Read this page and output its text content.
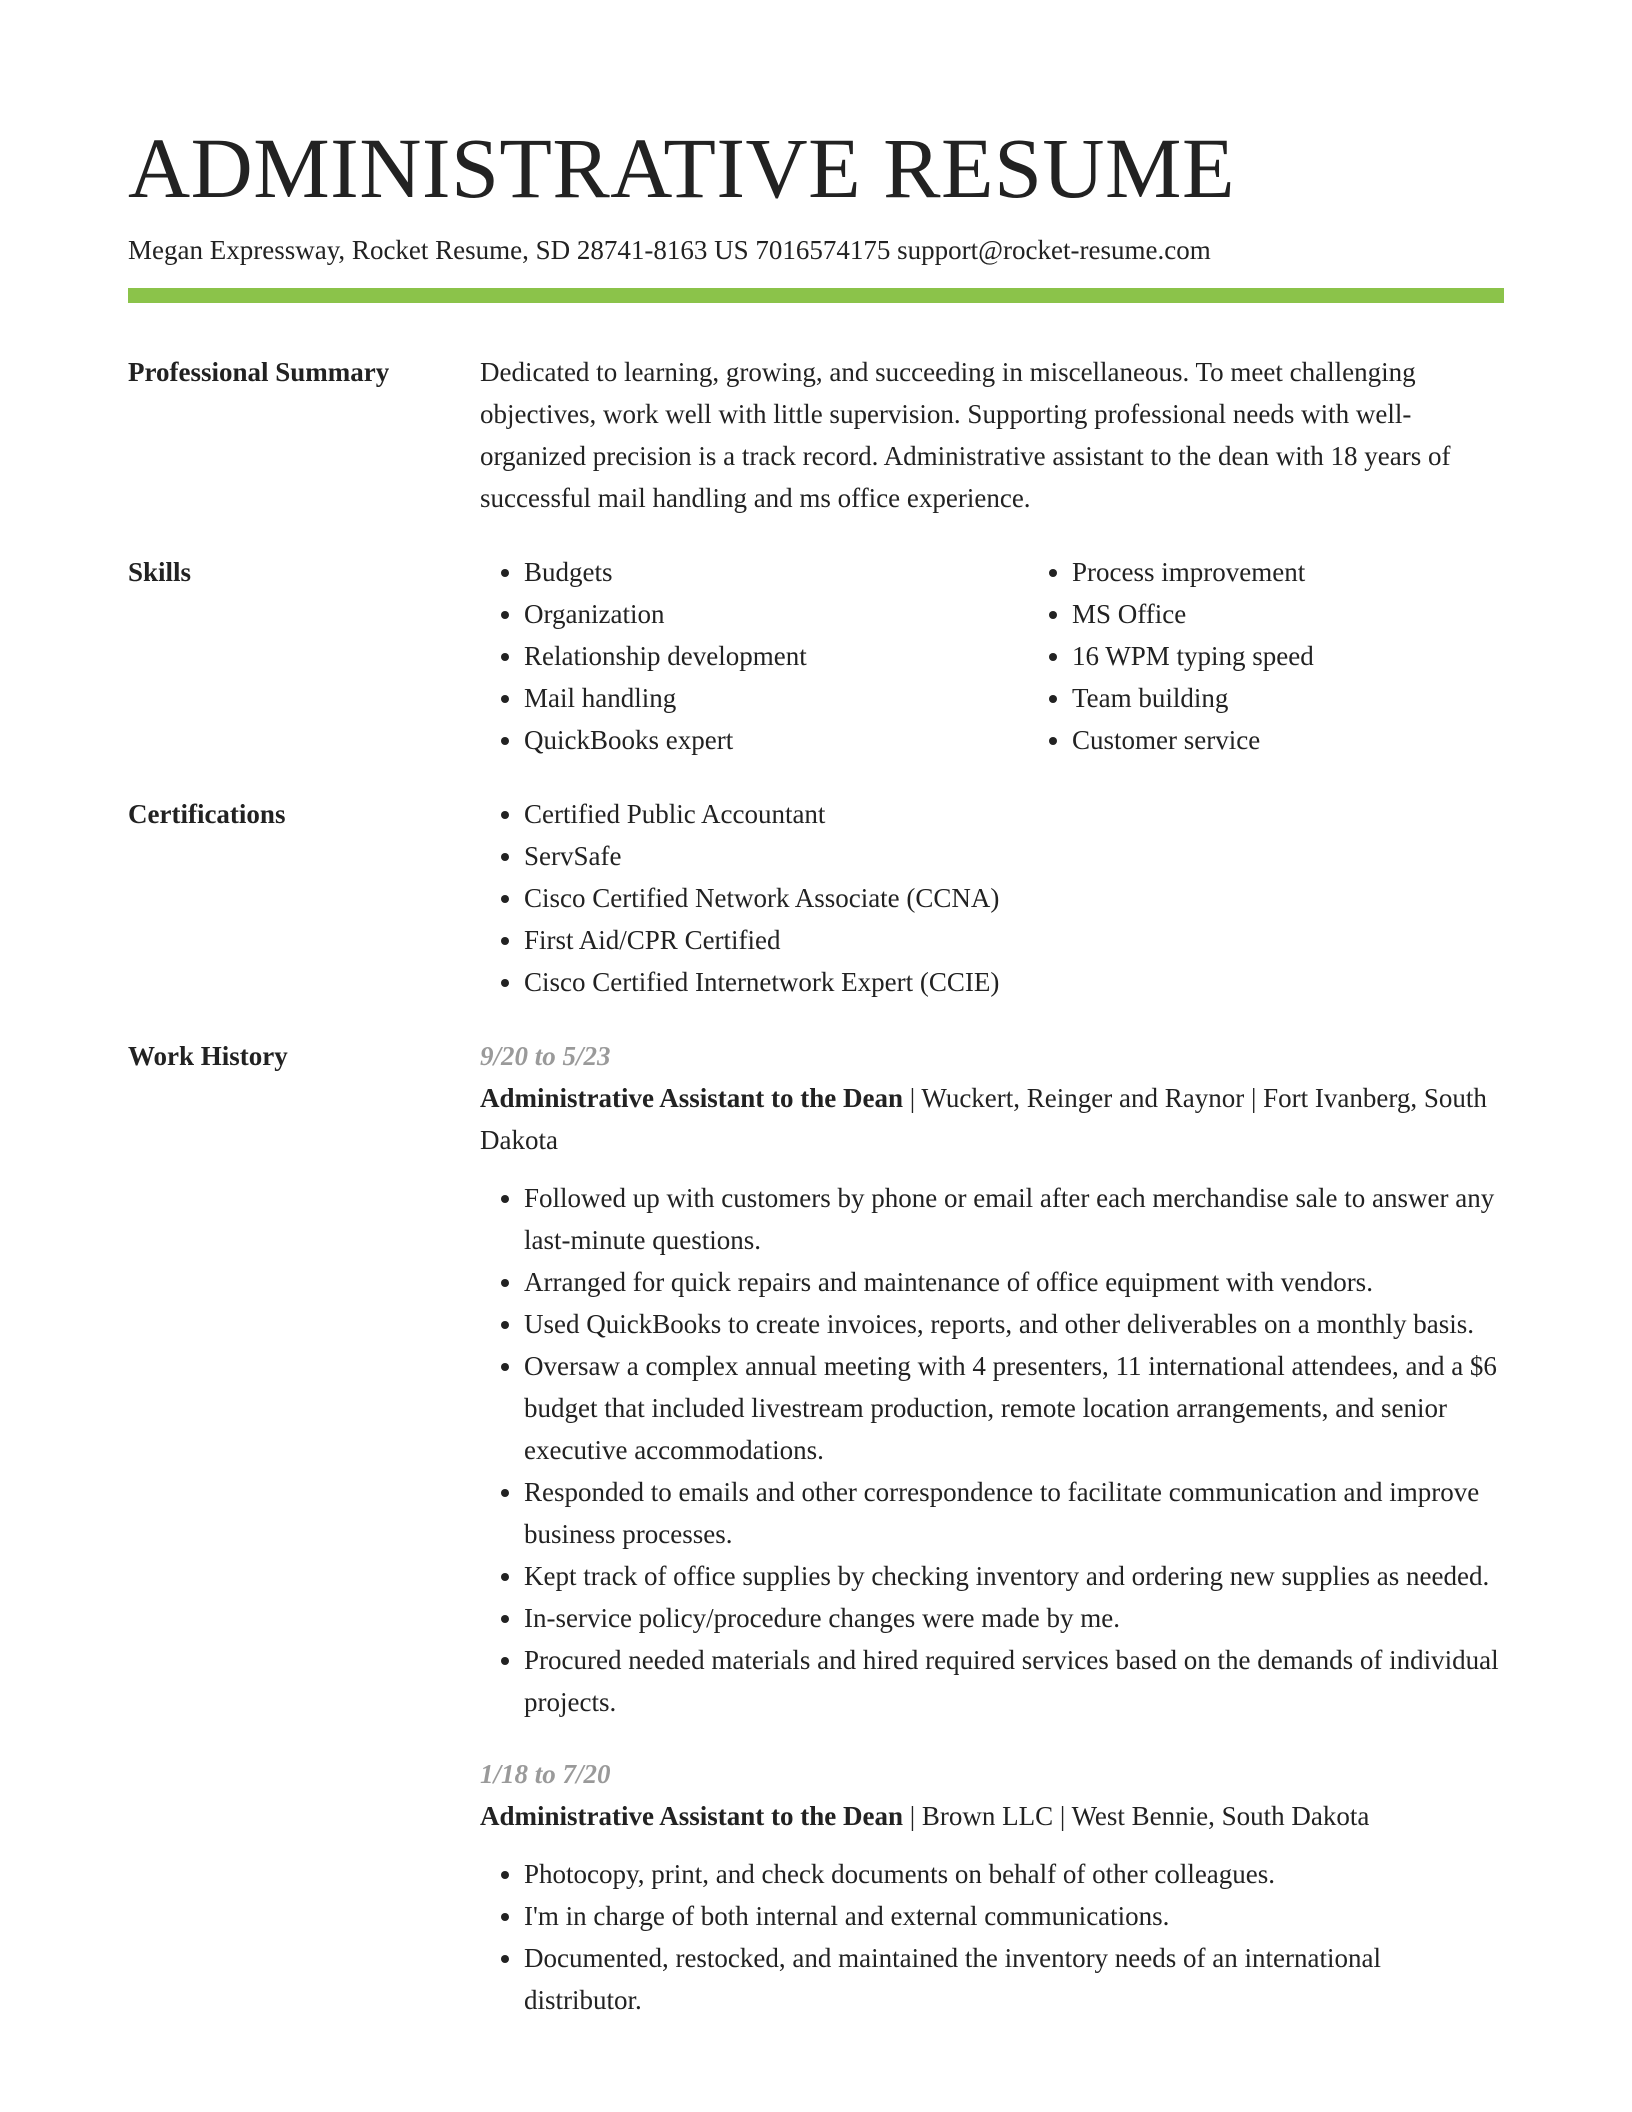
ADMINISTRATIVE RESUME
Megan Expressway, Rocket Resume, SD 28741-8163 US 7016574175 support@rocket-resume.com
Professional Summary	Dedicated to learning, growing, and succeeding in miscellaneous. To meet challenging objectives, work well with little supervision. Supporting professional needs with well-organized precision is a track record. Administrative assistant to the dean with 18 years of successful mail handling and ms office experience.

Skills	• Budgets
• Organization
• Relationship development
• Mail handling
• QuickBooks expert
• Process improvement
• MS Office
• 16 WPM typing speed
• Team building
• Customer service
Certifications	• Certified Public Accountant
• ServSafe
• Cisco Certified Network Associate (CCNA)
• First Aid/CPR Certified
• Cisco Certified Internetwork Expert (CCIE)
Work History	9/20 to 5/23
Administrative Assistant to the Dean | Wuckert, Reinger and Raynor | Fort Ivanberg, South Dakota
• Followed up with customers by phone or email after each merchandise sale to answer any last-minute questions.
• Arranged for quick repairs and maintenance of office equipment with vendors.
• Used QuickBooks to create invoices, reports, and other deliverables on a monthly basis.
• Oversaw a complex annual meeting with 4 presenters, 11 international attendees, and a $6 budget that included livestream production, remote location arrangements, and senior executive accommodations.
• Responded to emails and other correspondence to facilitate communication and improve business processes.
• Kept track of office supplies by checking inventory and ordering new supplies as needed.
• In-service policy/procedure changes were made by me.
• Procured needed materials and hired required services based on the demands of individual projects.
1/18 to 7/20
Administrative Assistant to the Dean | Brown LLC | West Bennie, South Dakota
• Photocopy, print, and check documents on behalf of other colleagues.
• I'm in charge of both internal and external communications.
• Documented, restocked, and maintained the inventory needs of an international distributor.
